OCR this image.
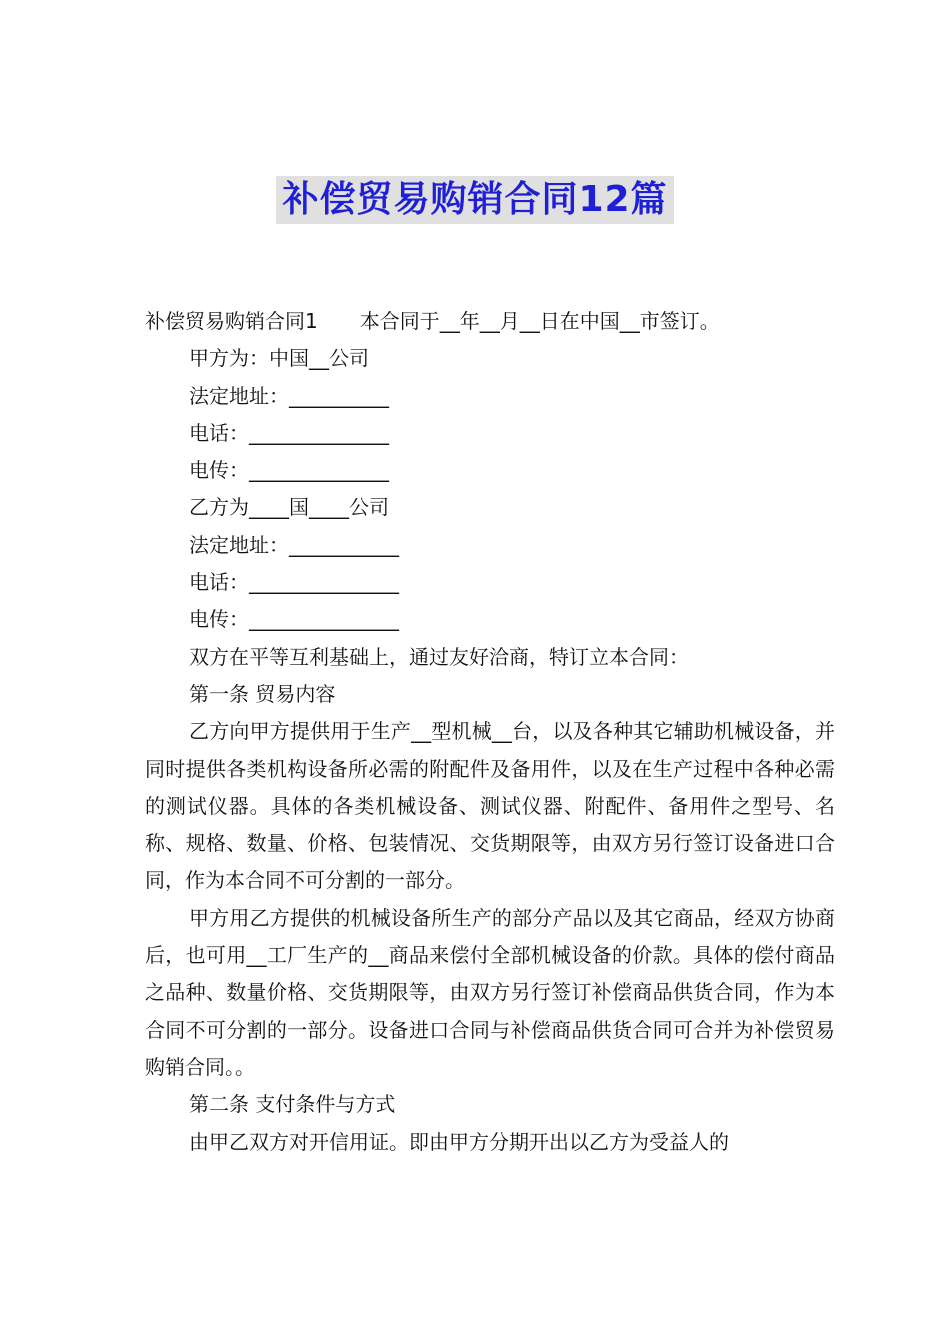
补偿贸易购销合同12篇

补偿贸易购销合同1 本合同于__年__月__日在中国__市签订。

甲方为：中国__公司

法定地址：__________

电话：______________

电传：______________

乙方为____国____公司

法定地址：___________

电话：_______________

电传：_______________

双方在平等互利基础上，通过友好洽商，特订立本合同：

第一条 贸易内容

乙方向甲方提供用于生产__型机械__台，以及各种其它辅助机械设备，并同时提供各类机构设备所必需的附配件及备用件，以及在生产过程中各种必需的测试仪器。具体的各类机械设备、测试仪器、附配件、备用件之型号、名称、规格、数量、价格、包装情况、交货期限等，由双方另行签订设备进口合同，作为本合同不可分割的一部分。

甲方用乙方提供的机械设备所生产的部分产品以及其它商品，经双方协商后，也可用__工厂生产的__商品来偿付全部机械设备的价款。具体的偿付商品之品种、数量价格、交货期限等，由双方另行签订补偿商品供货合同，作为本合同不可分割的一部分。设备进口合同与补偿商品供货合同可合并为补偿贸易购销合同。。

第二条 支付条件与方式

由甲乙双方对开信用证。即由甲方分期开出以乙方为受益人的
